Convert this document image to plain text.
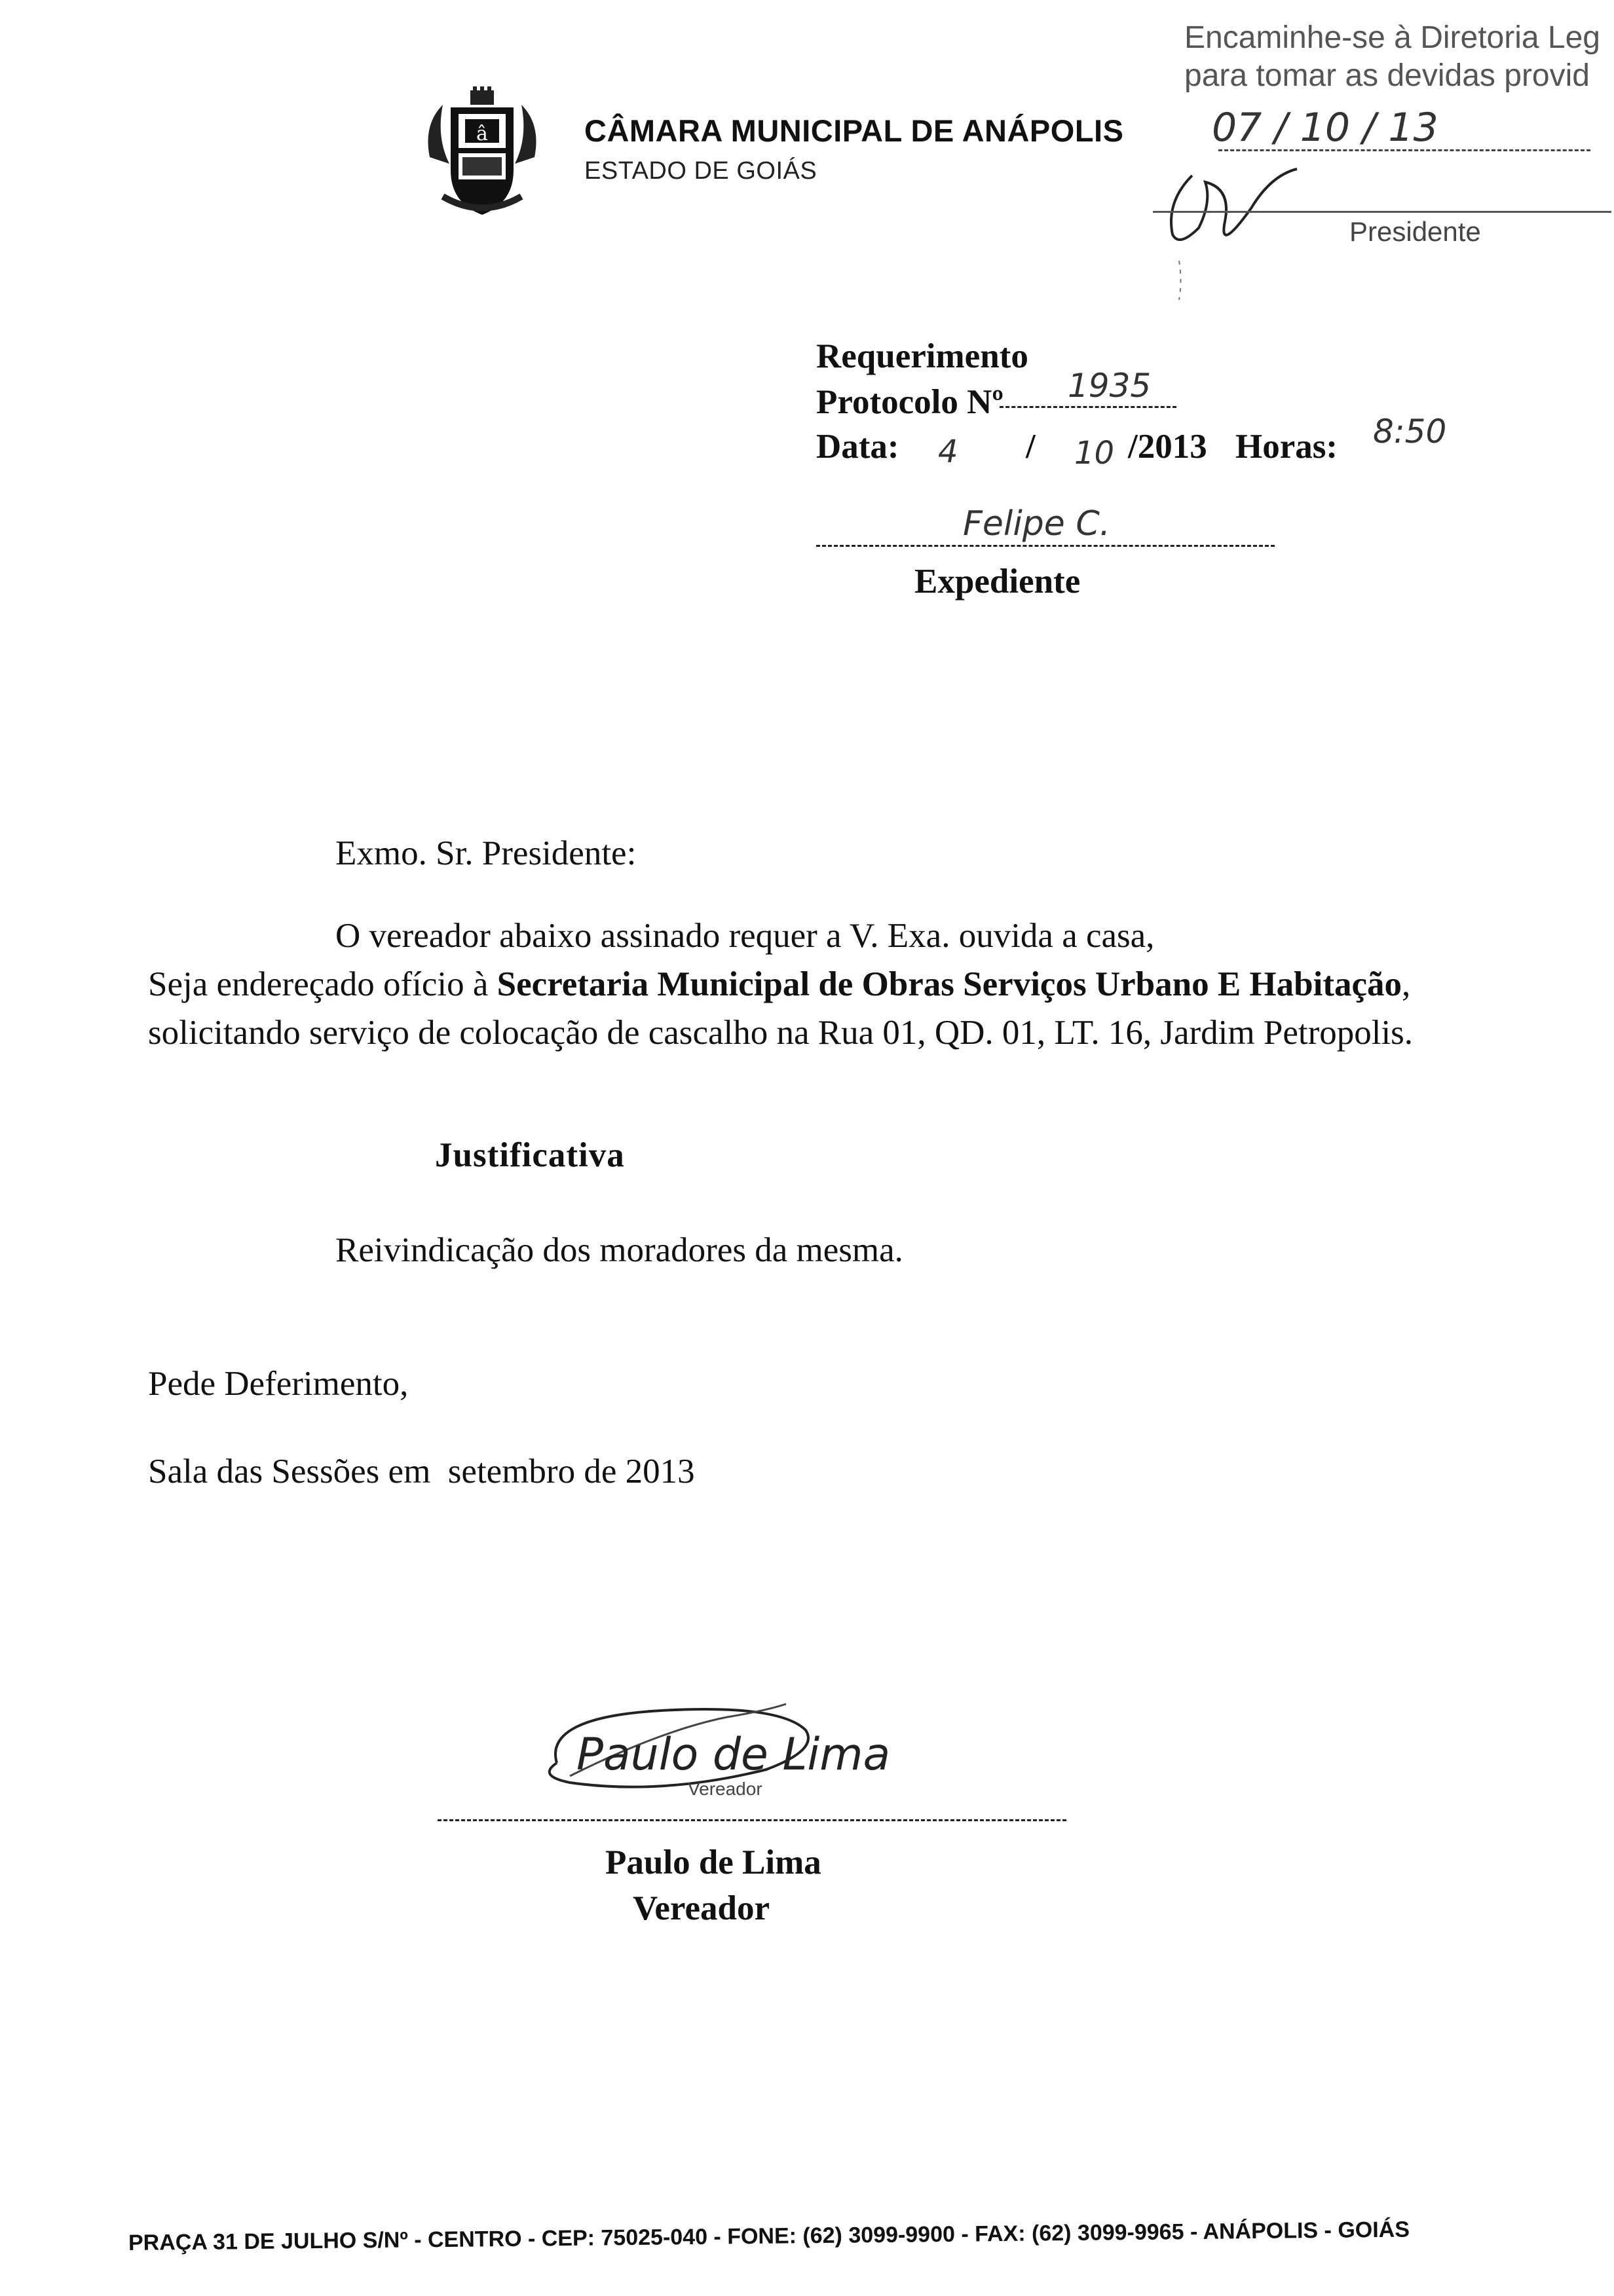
â	CÂMARA MUNICIPAL DE ANÁPOLIS
ESTADO DE GOIÁS
Encaminhe-se à Diretoria Leg
para tomar as devidas provid
07 / 10 / 13
Presidente
Requerimento
Protocolo Nº 1935
Data: 4 / 10 /2013 Horas: 8:50
Felipe C.
Expediente
Exmo. Sr. Presidente:
O vereador abaixo assinado requer a V. Exa. ouvida a casa,
Seja endereçado ofício à Secretaria Municipal de Obras Serviços Urbano E Habitação, solicitando serviço de colocação de cascalho na Rua 01, QD. 01, LT. 16, Jardim Petropolis.
Justificativa
Reivindicação dos moradores da mesma.
Pede Deferimento,
Sala das Sessões em  setembro de 2013
Paulo de Lima
Vereador
Paulo de Lima
Vereador
PRAÇA 31 DE JULHO S/Nº - CENTRO - CEP: 75025-040 - FONE: (62) 3099-9900 - FAX: (62) 3099-9965 - ANÁPOLIS - GOIÁS
